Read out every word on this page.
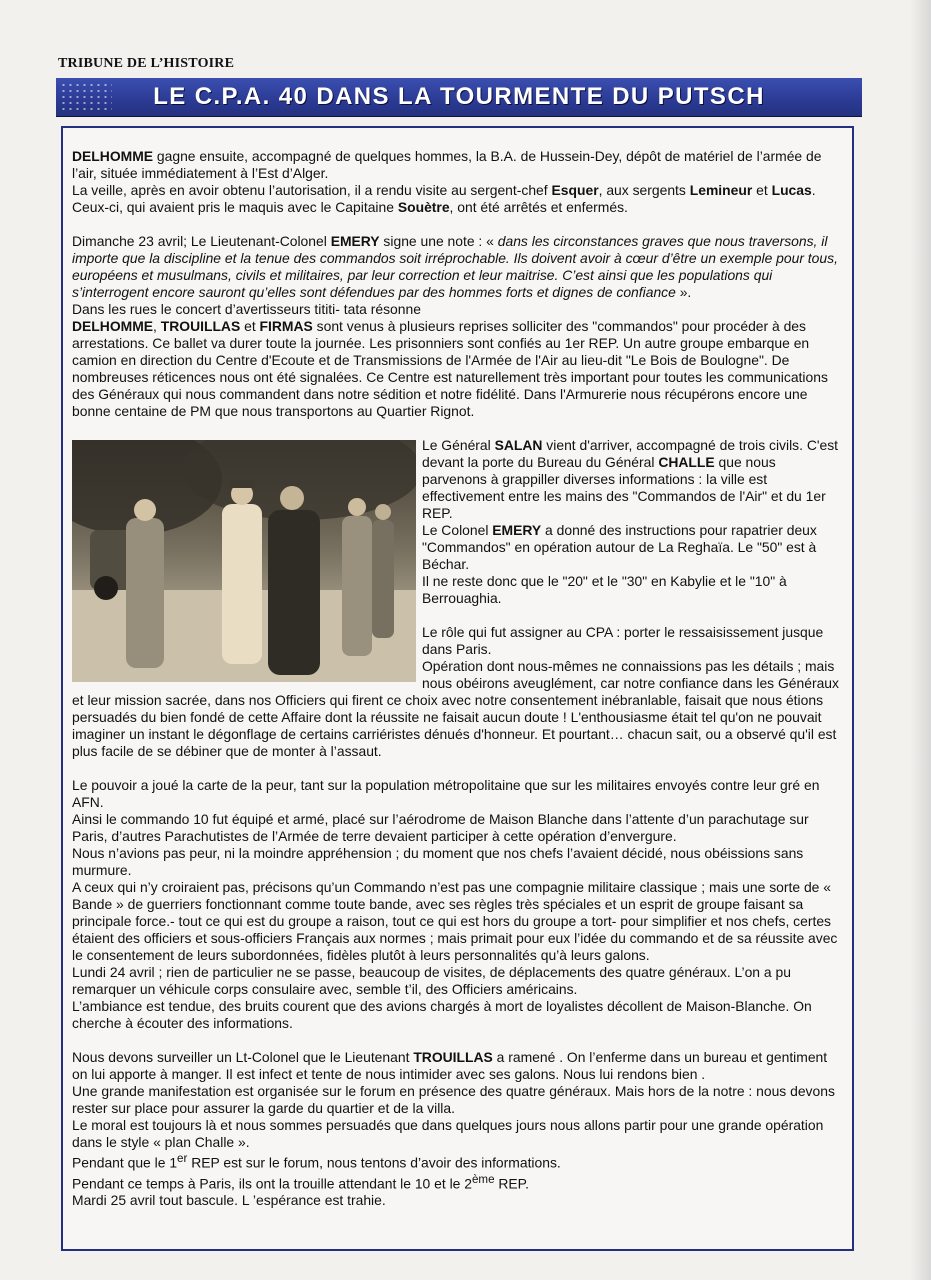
TRIBUNE DE L’HISTOIRE
LE C.P.A. 40 DANS LA TOURMENTE DU PUTSCH

DELHOMME gagne ensuite, accompagné de quelques hommes, la B.A. de Hussein-Dey, dépôt de matériel de l’armée de l’air, située immédiatement à l’Est d’Alger.
La veille, après en avoir obtenu l’autorisation, il a rendu visite au sergent-chef Esquer, aux sergents Lemineur et Lucas. Ceux-ci, qui avaient pris le maquis avec le Capitaine Souètre, ont été arrêtés et enfermés.

Dimanche 23 avril; Le Lieutenant-Colonel EMERY signe une note : « dans les circonstances graves que nous traversons, il importe que la discipline et la tenue des commandos soit irréprochable. Ils doivent avoir à cœur d’être un exemple pour tous, européens et musulmans, civils et militaires, par leur correction et leur maitrise. C’est ainsi que les populations qui s’interrogent encore sauront qu’elles sont défendues par des hommes forts et dignes de confiance ».
Dans les rues le concert d’avertisseurs tititi- tata résonne
DELHOMME, TROUILLAS et FIRMAS sont venus à plusieurs reprises solliciter des "commandos" pour procéder à des arrestations. Ce ballet va durer toute la journée. Les prisonniers sont confiés au 1er REP. Un autre groupe embarque en camion en direction du Centre d'Ecoute et de Transmissions de l'Armée de l'Air au lieu-dit "Le Bois de Boulogne". De nombreuses réticences nous ont été signalées. Ce Centre est naturellement très important pour toutes les communications des Généraux qui nous commandent dans notre sédition et notre fidélité. Dans l'Armurerie nous récupérons encore une bonne centaine de PM que nous transportons au Quartier Rignot.

Le Général SALAN vient d'arriver, accompagné de trois civils. C'est devant la porte du Bureau du Général CHALLE que nous parvenons à grappiller diverses informations : la ville est effectivement entre les mains des "Commandos de l'Air" et du 1er REP.
Le Colonel EMERY a donné des instructions pour rapatrier deux "Commandos" en opération autour de La Reghaïa. Le "50" est à Béchar.
Il ne reste donc que le "20" et le "30" en Kabylie et le "10" à Berrouaghia.

Le rôle qui fut assigner au CPA : porter le ressaisissement jusque dans Paris.
Opération dont nous-mêmes ne connaissions pas les détails ; mais nous obéirons aveuglément, car notre confiance dans les Généraux et leur mission sacrée, dans nos Officiers qui firent ce choix avec notre consentement inébranlable, faisait que nous étions persuadés du bien fondé de cette Affaire dont la réussite ne faisait aucun doute ! L'enthousiasme était tel qu'on ne pouvait imaginer un instant le dégonflage de certains carriéristes dénués d'honneur. Et pourtant… chacun sait, ou a observé qu'il est plus facile de se débiner que de monter à l’assaut.

Le pouvoir a joué la carte de la peur, tant sur la population métropolitaine que sur les militaires envoyés contre leur gré en AFN.
Ainsi le commando 10 fut équipé et armé, placé sur l’aérodrome de Maison Blanche dans l’attente d’un parachutage sur Paris, d’autres Parachutistes de l’Armée de terre devaient participer à cette opération d’envergure.
Nous n’avions pas peur, ni la moindre appréhension ; du moment que nos chefs l’avaient décidé, nous obéissions sans murmure.
A ceux qui n’y croiraient pas, précisons qu’un Commando n’est pas une compagnie militaire classique ; mais une sorte de « Bande » de guerriers fonctionnant comme toute bande, avec ses règles très spéciales et un esprit de groupe faisant sa principale force.- tout ce qui est du groupe a raison, tout ce qui est hors du groupe a tort- pour simplifier et nos chefs, certes étaient des officiers et sous-officiers Français aux normes ; mais primait pour eux l’idée du commando et de sa réussite avec le consentement de leurs subordonnées, fidèles plutôt à leurs personnalités qu’à leurs galons.
Lundi 24 avril ; rien de particulier ne se passe, beaucoup de visites, de déplacements des quatre généraux. L’on a pu remarquer un véhicule corps consulaire avec, semble t’il, des Officiers américains.
L’ambiance est tendue, des bruits courent que des avions chargés à mort de loyalistes décollent de Maison-Blanche. On cherche à écouter des informations.

Nous devons surveiller un Lt-Colonel que le Lieutenant TROUILLAS a ramené . On l’enferme dans un bureau et gentiment on lui apporte à manger. Il est infect et tente de nous intimider avec ses galons. Nous lui rendons bien .
Une grande manifestation est organisée sur le forum en présence des quatre généraux. Mais hors de la notre : nous devons rester sur place pour assurer la garde du quartier et de la villa.
Le moral est toujours là et nous sommes persuadés que dans quelques jours nous allons partir pour une grande opération dans le style « plan Challe ».
Pendant que le 1er REP est sur le forum, nous tentons d’avoir des informations.
Pendant ce temps à Paris, ils ont la trouille attendant le 10 et le 2ème REP.
Mardi 25 avril tout bascule. L ’espérance est trahie.
